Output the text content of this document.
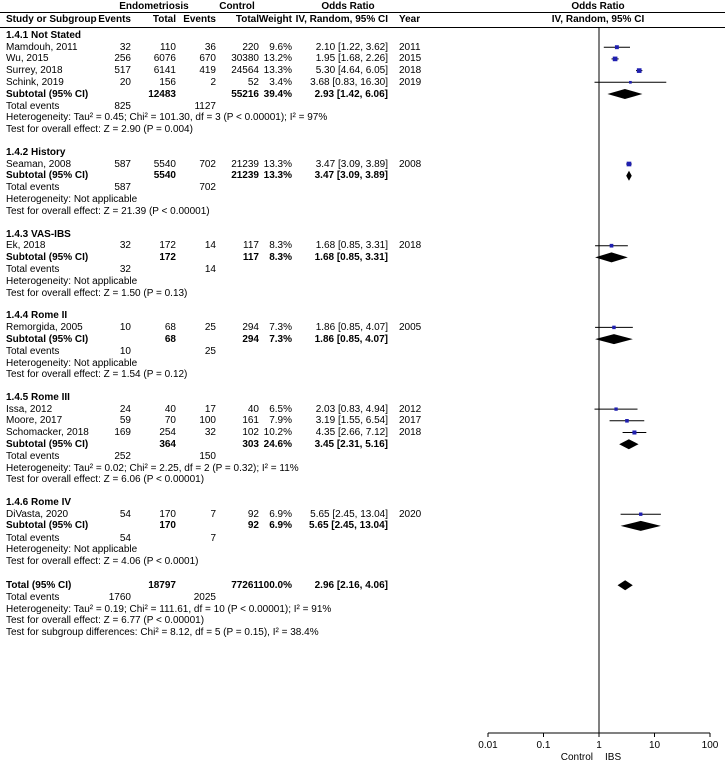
Endometriosis	Control	Odds Ratio	Odds Ratio
Study or Subgroup Events	Total Events	Total Weight IV, Random, 95% CI Year	IV, Random, 95% CI
1.4.1 Not Stated
Mamdouh, 2011	32	110	36	220	9.6%	2.10 [1.22, 3.62] 2011
Wu, 2015	256	6076	670	30380 13.2%	1.95 [1.68, 2.26] 2015
Surrey, 2018	517	6141	419	24564 13.3%	5.30 [4.64, 6.05] 2018
Schink, 2019	20	156	2	52	3.4%	3.68 [0.83, 16.30] 2019
Subtotal (95% CI)	12483	55216 39.4%	2.93 [1.42, 6.06]
Total events	825	1127
Heterogeneity: Tau² = 0.45; Chi² = 101.30, df = 3 (P < 0.00001); I² = 97%
Test for overall effect: Z = 2.90 (P = 0.004)
1.4.2 History
Seaman, 2008	587	5540	702	21239 13.3%	3.47 [3.09, 3.89] 2008
Subtotal (95% CI)	5540	21239 13.3%	3.47 [3.09, 3.89]
Total events	587	702
Heterogeneity: Not applicable
Test for overall effect: Z = 21.39 (P < 0.00001)
1.4.3 VAS-IBS
Ek, 2018	32	172	14	117	8.3%	1.68 [0.85, 3.31] 2018
Subtotal (95% CI)	172	117	8.3%	1.68 [0.85, 3.31]
Total events	32	14
Heterogeneity: Not applicable
Test for overall effect: Z = 1.50 (P = 0.13)
1.4.4 Rome II
Remorgida, 2005	10	68	25	294	7.3%	1.86 [0.85, 4.07] 2005
Subtotal (95% CI)	68	294	7.3%	1.86 [0.85, 4.07]
Total events	10	25
Heterogeneity: Not applicable
Test for overall effect: Z = 1.54 (P = 0.12)
1.4.5 Rome III
Issa, 2012	24	40	17	40	6.5%	2.03 [0.83, 4.94] 2012
Moore, 2017	59	70	100	161	7.9%	3.19 [1.55, 6.54] 2017
Schomacker, 2018	169	254	32	102 10.2%	4.35 [2.66, 7.12] 2018
Subtotal (95% CI)	364	303 24.6%	3.45 [2.31, 5.16]
Total events	252	150
Heterogeneity: Tau² = 0.02; Chi² = 2.25, df = 2 (P = 0.32); I² = 11%
Test for overall effect: Z = 6.06 (P < 0.00001)
1.4.6 Rome IV
DiVasta, 2020	54	170	7	92	6.9%	5.65 [2.45, 13.04] 2020
Subtotal (95% CI)	170	92	6.9%	5.65 [2.45, 13.04]
Total events	54	7
Heterogeneity: Not applicable
Test for overall effect: Z = 4.06 (P < 0.0001)
Total (95% CI)	18797	77261 100.0%	2.96 [2.16, 4.06]
Total events	1760	2025
Heterogeneity: Tau² = 0.19; Chi² = 111.61, df = 10 (P < 0.00001); I² = 91%
Test for overall effect: Z = 6.77 (P < 0.00001)
Test for subgroup differences: Chi² = 8.12, df = 5 (P = 0.15), I² = 38.4%
0.01	0.1	1	10	100
Control IBS
